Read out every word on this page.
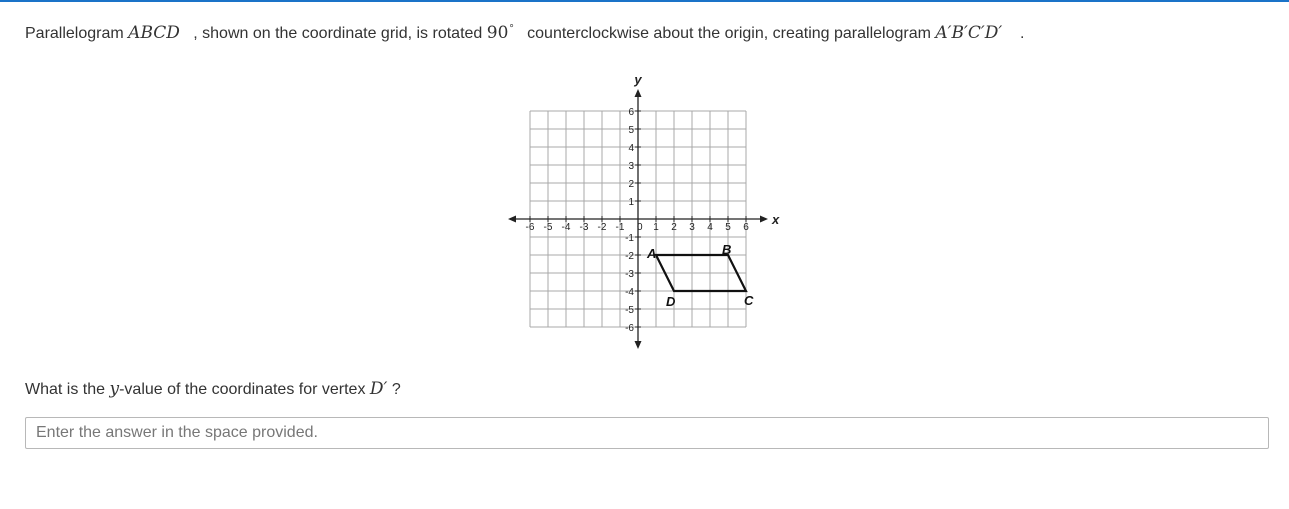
Parallelogram ABCD , shown on the coordinate grid, is rotated 90° counterclockwise about the origin, creating parallelogram A′B′C′D′ .
x
y
-6 -5 -4 -3 -2 -1 0 1 2 3 4 5 6
6
5
4
3
2
1
-1
-2
-3
-4
-5
-6
A	B
C
D
What is the y-value of the coordinates for vertex D′ ?
Enter the answer in the space provided.
